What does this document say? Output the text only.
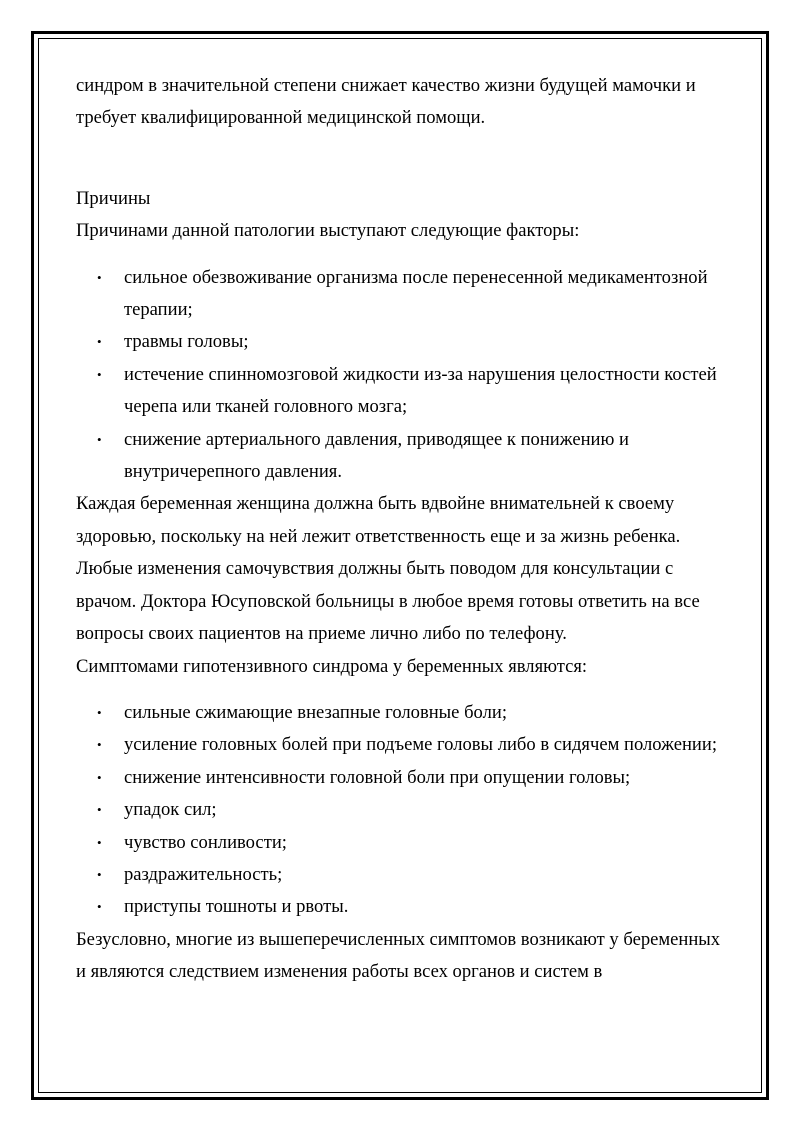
синдром в значительной степени снижает качество жизни будущей мамочки и требует квалифицированной медицинской помощи.

Причины

Причинами данной патологии выступают следующие факторы:

• сильное обезвоживание организма после перенесенной медикаментозной терапии;
• травмы головы;
• истечение спинномозговой жидкости из-за нарушения целостности костей черепа или тканей головного мозга;
• снижение артериального давления, приводящее к понижению и внутричерепного давления.

Каждая беременная женщина должна быть вдвойне внимательней к своему здоровью, поскольку на ней лежит ответственность еще и за жизнь ребенка. Любые изменения самочувствия должны быть поводом для консультации с врачом. Доктора Юсуповской больницы в любое время готовы ответить на все вопросы своих пациентов на приеме лично либо по телефону.

Симптомами гипотензивного синдрома у беременных являются:

• сильные сжимающие внезапные головные боли;
• усиление головных болей при подъеме головы либо в сидячем положении;
• снижение интенсивности головной боли при опущении головы;
• упадок сил;
• чувство сонливости;
• раздражительность;
• приступы тошноты и рвоты.

Безусловно, многие из вышеперечисленных симптомов возникают у беременных и являются следствием изменения работы всех органов и систем в
